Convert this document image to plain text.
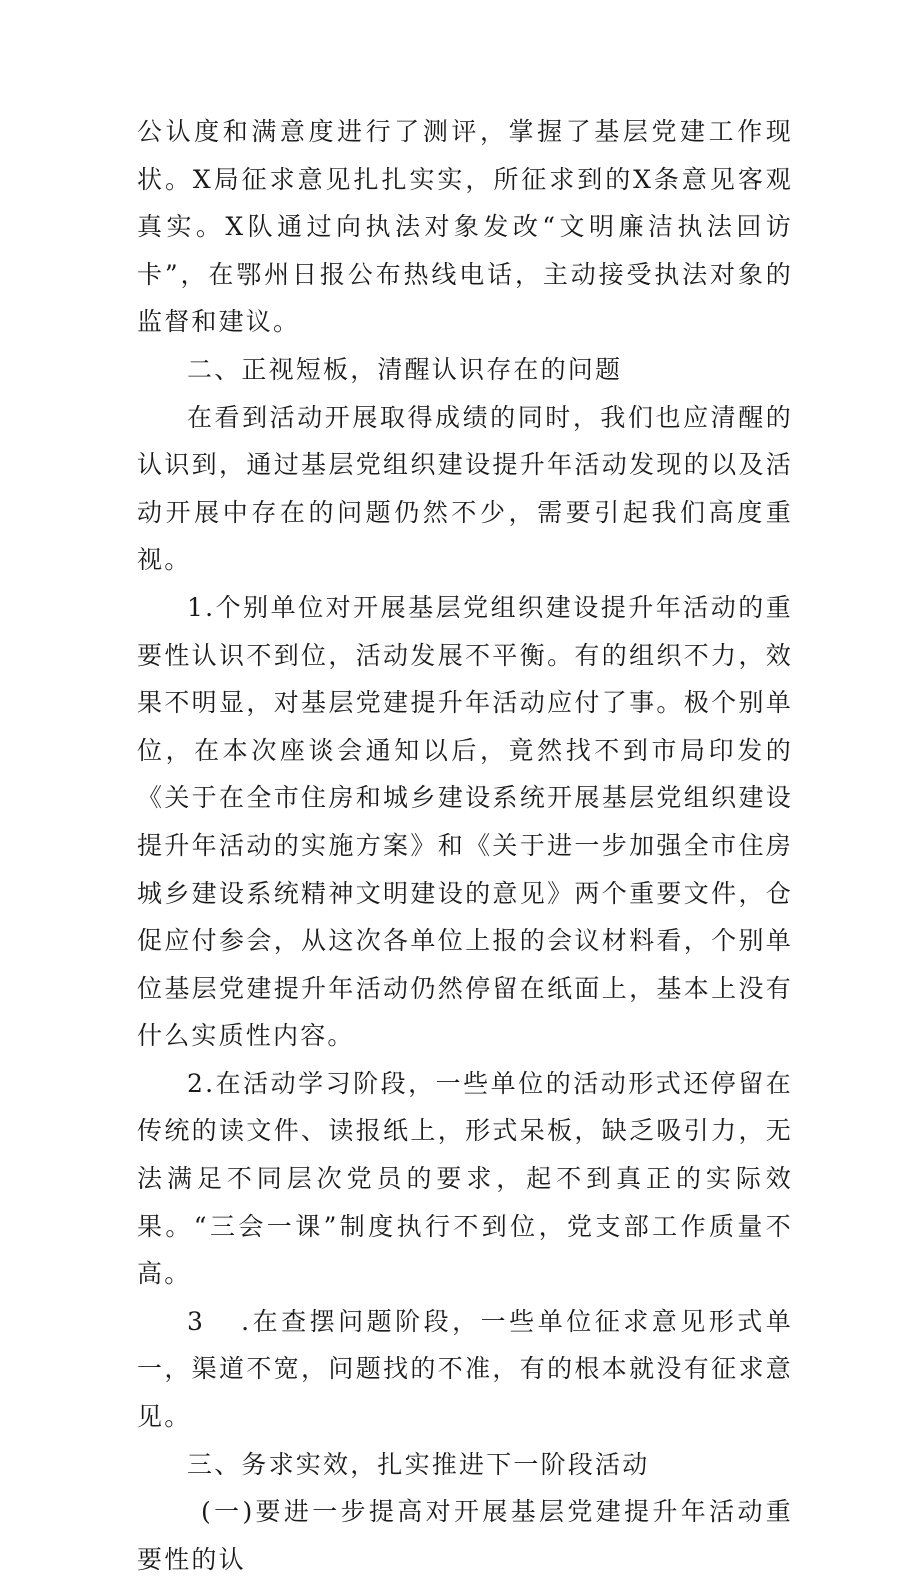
公认度和满意度进行了测评，掌握了基层党建工作现状。X局征求意见扎扎实实，所征求到的X条意见客观真实。X队通过向执法对象发改“文明廉洁执法回访卡”，在鄂州日报公布热线电话，主动接受执法对象的监督和建议。

二、正视短板，清醒认识存在的问题

在看到活动开展取得成绩的同时，我们也应清醒的认识到，通过基层党组织建设提升年活动发现的以及活动开展中存在的问题仍然不少，需要引起我们高度重视。

1.个别单位对开展基层党组织建设提升年活动的重要性认识不到位，活动发展不平衡。有的组织不力，效果不明显，对基层党建提升年活动应付了事。极个别单位，在本次座谈会通知以后，竟然找不到市局印发的《关于在全市住房和城乡建设系统开展基层党组织建设提升年活动的实施方案》和《关于进一步加强全市住房城乡建设系统精神文明建设的意见》两个重要文件，仓促应付参会，从这次各单位上报的会议材料看，个别单位基层党建提升年活动仍然停留在纸面上，基本上没有什么实质性内容。

2.在活动学习阶段，一些单位的活动形式还停留在传统的读文件、读报纸上，形式呆板，缺乏吸引力，无法满足不同层次党员的要求，起不到真正的实际效果。“三会一课”制度执行不到位，党支部工作质量不高。

3 .在查摆问题阶段，一些单位征求意见形式单一，渠道不宽，问题找的不准，有的根本就没有征求意见。

三、务求实效，扎实推进下一阶段活动

(一)要进一步提高对开展基层党建提升年活动重要性的认
